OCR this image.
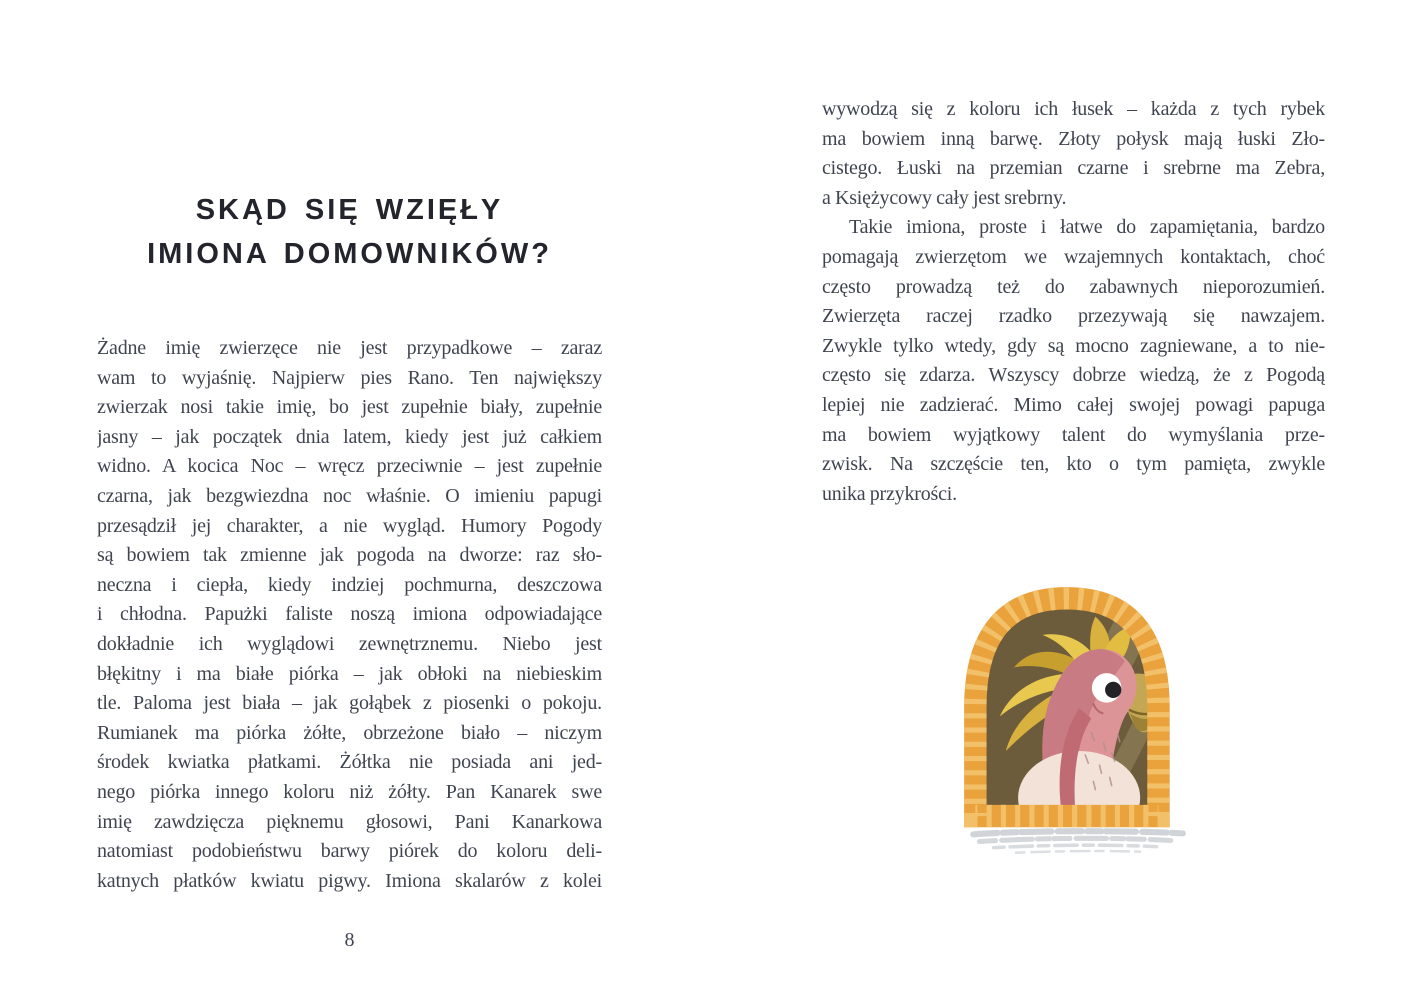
SKĄD SIĘ WZIĘŁY
IMIONA DOMOWNIKÓW?
Żadne imię zwierzęce nie jest przypadkowe – zaraz
wam to wyjaśnię. Najpierw pies Rano. Ten największy
zwierzak nosi takie imię, bo jest zupełnie biały, zupełnie
jasny – jak początek dnia latem, kiedy jest już całkiem
widno. A kocica Noc – wręcz przeciwnie – jest zupełnie
czarna, jak bezgwiezdna noc właśnie. O imieniu papugi
przesądził jej charakter, a nie wygląd. Humory Pogody
są bowiem tak zmienne jak pogoda na dworze: raz sło-
neczna i ciepła, kiedy indziej pochmurna, deszczowa
i chłodna. Papużki faliste noszą imiona odpowiadające
dokładnie ich wyglądowi zewnętrznemu. Niebo jest
błękitny i ma białe piórka – jak obłoki na niebieskim
tle. Paloma jest biała – jak gołąbek z piosenki o pokoju.
Rumianek ma piórka żółte, obrzeżone biało – niczym
środek kwiatka płatkami. Żółtka nie posiada ani jed-
nego piórka innego koloru niż żółty. Pan Kanarek swe
imię zawdzięcza pięknemu głosowi, Pani Kanarkowa
natomiast podobieństwu barwy piórek do koloru deli-
katnych płatków kwiatu pigwy. Imiona skalarów z kolei
8
wywodzą się z koloru ich łusek – każda z tych rybek
ma bowiem inną barwę. Złoty połysk mają łuski Zło-
cistego. Łuski na przemian czarne i srebrne ma Zebra,
a Księżycowy cały jest srebrny.
Takie imiona, proste i łatwe do zapamiętania, bardzo
pomagają zwierzętom we wzajemnych kontaktach, choć
często prowadzą też do zabawnych nieporozumień.
Zwierzęta raczej rzadko przezywają się nawzajem.
Zwykle tylko wtedy, gdy są mocno zagniewane, a to nie-
często się zdarza. Wszyscy dobrze wiedzą, że z Pogodą
lepiej nie zadzierać. Mimo całej swojej powagi papuga
ma bowiem wyjątkowy talent do wymyślania prze-
zwisk. Na szczęście ten, kto o tym pamięta, zwykle
unika przykrości.
